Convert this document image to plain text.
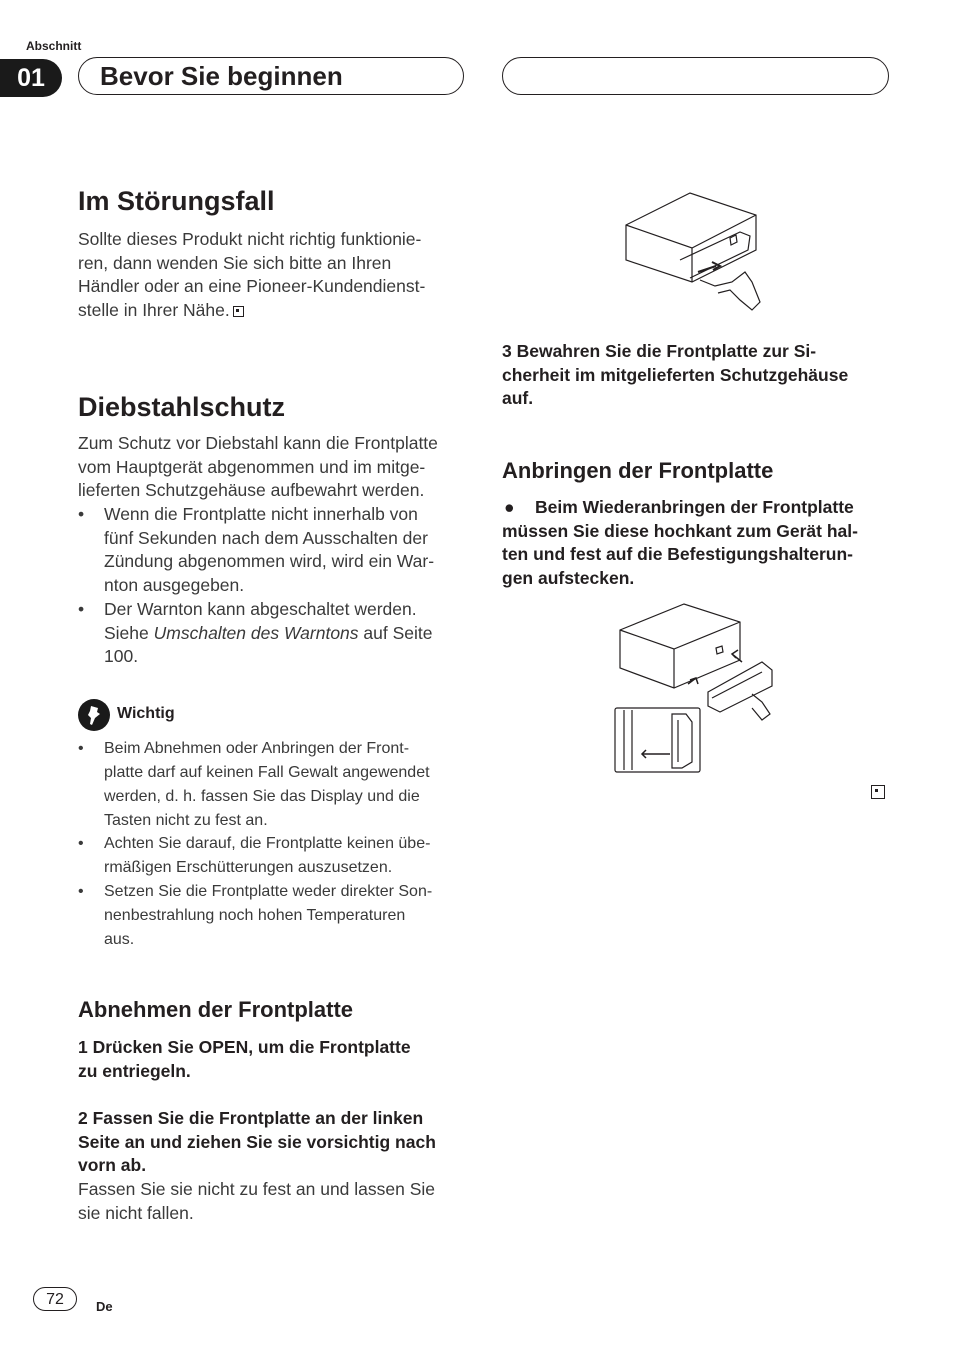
Abschnitt
01	Bevor Sie beginnen
Im Störungsfall
Sollte dieses Produkt nicht richtig funktionie-
ren, dann wenden Sie sich bitte an Ihren
Händler oder an eine Pioneer-Kundendienst-
stelle in Ihrer Nähe.
Diebstahlschutz
Zum Schutz vor Diebstahl kann die Frontplatte
vom Hauptgerät abgenommen und im mitge-
lieferten Schutzgehäuse aufbewahrt werden.
• Wenn die Frontplatte nicht innerhalb von
fünf Sekunden nach dem Ausschalten der
Zündung abgenommen wird, wird ein War-
nton ausgegeben.
• Der Warnton kann abgeschaltet werden.
Siehe Umschalten des Warntons auf Seite
100.
Wichtig
• Beim Abnehmen oder Anbringen der Front-
platte darf auf keinen Fall Gewalt angewendet
werden, d. h. fassen Sie das Display und die
Tasten nicht zu fest an.
• Achten Sie darauf, die Frontplatte keinen übe-
rmäßigen Erschütterungen auszusetzen.
• Setzen Sie die Frontplatte weder direkter Son-
nenbestrahlung noch hohen Temperaturen
aus.
Abnehmen der Frontplatte
1 Drücken Sie OPEN, um die Frontplatte
zu entriegeln.
2 Fassen Sie die Frontplatte an der linken
Seite an und ziehen Sie sie vorsichtig nach
vorn ab.
Fassen Sie sie nicht zu fest an und lassen Sie
sie nicht fallen.
3 Bewahren Sie die Frontplatte zur Si-
cherheit im mitgelieferten Schutzgehäuse
auf.
Anbringen der Frontplatte
●	Beim Wiederanbringen der Frontplatte
müssen Sie diese hochkant zum Gerät hal-
ten und fest auf die Befestigungshalterun-
gen aufstecken.
72	De
